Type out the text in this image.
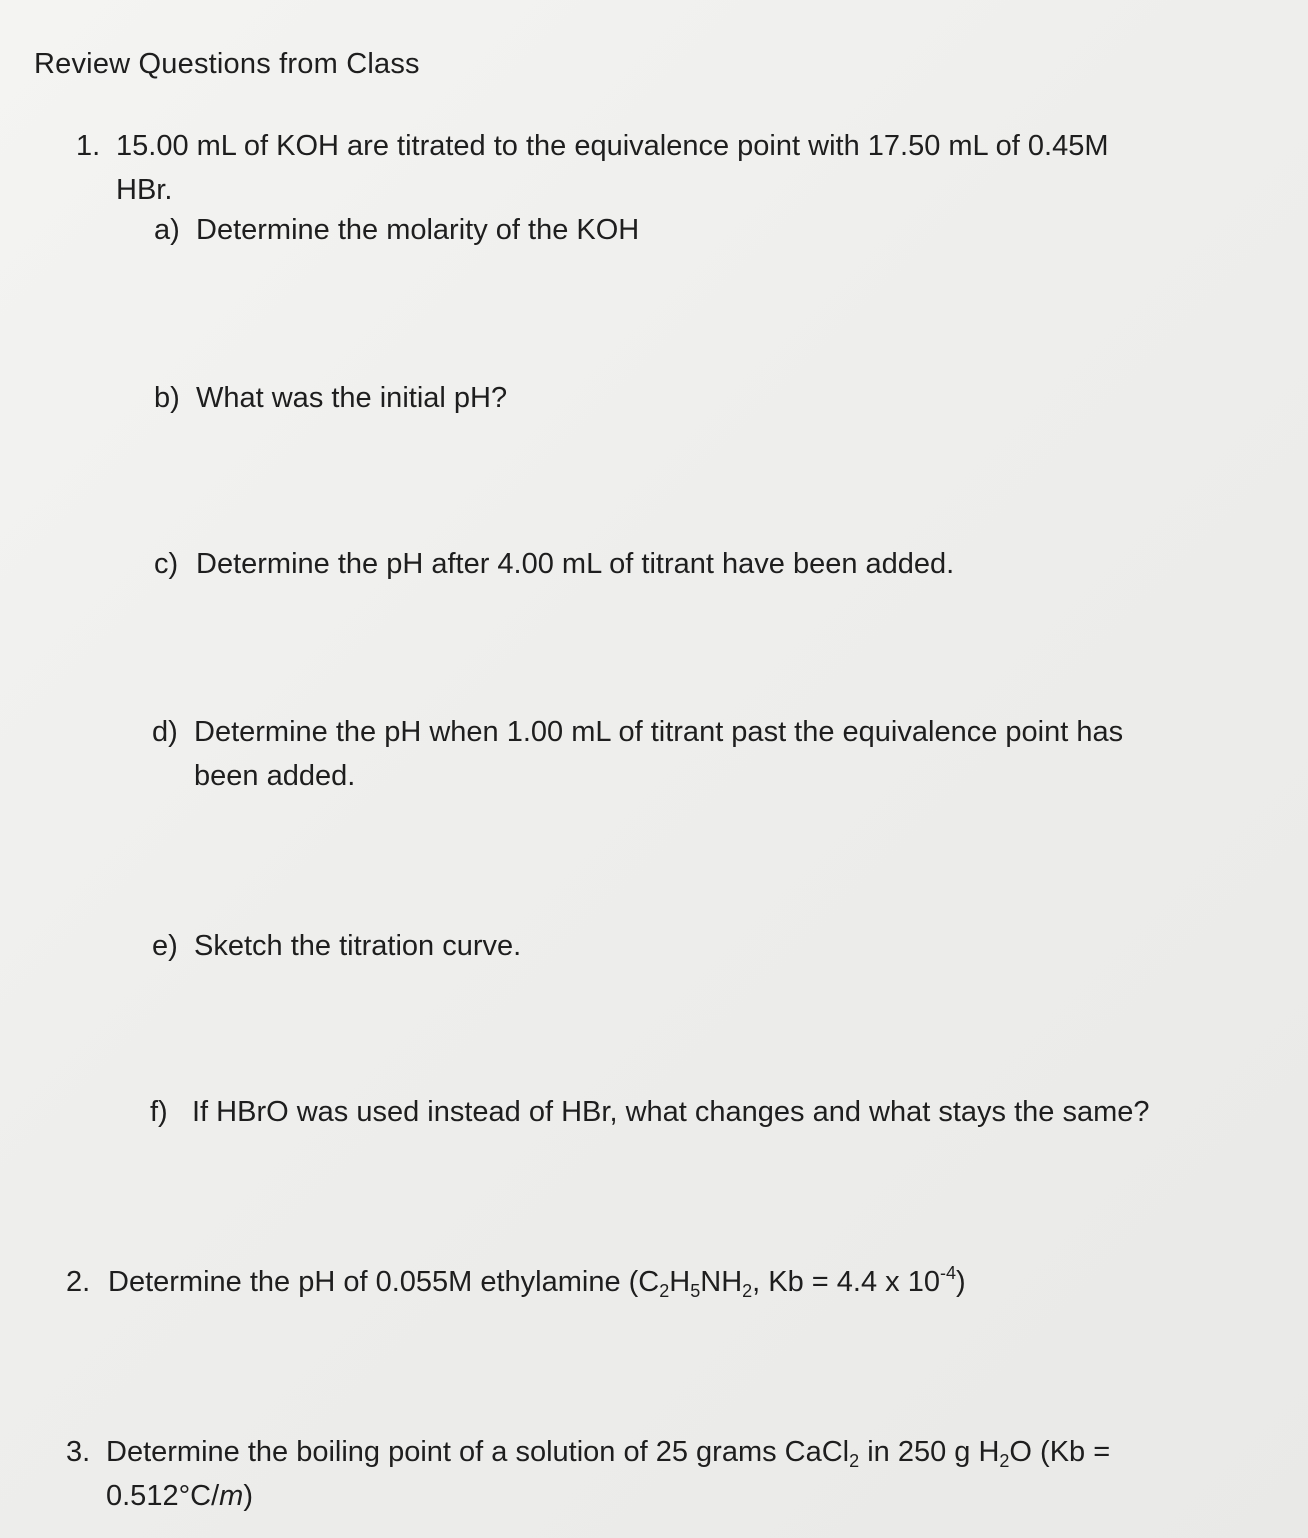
Review Questions from Class
1. 15.00 mL of KOH are titrated to the equivalence point with 17.50 mL of 0.45M
HBr.
a) Determine the molarity of the KOH
b) What was the initial pH?
c) Determine the pH after 4.00 mL of titrant have been added.
d) Determine the pH when 1.00 mL of titrant past the equivalence point has
been added.
e) Sketch the titration curve.
f) If HBrO was used instead of HBr, what changes and what stays the same?
2. Determine the pH of 0.055M ethylamine ($C_2H_5NH_2$, Kb = 4.4 x $10^{-4}$)
3. Determine the boiling point of a solution of 25 grams CaCl$_2$ in 250 g $H_2O$ (Kb =
0.512°C/m)
